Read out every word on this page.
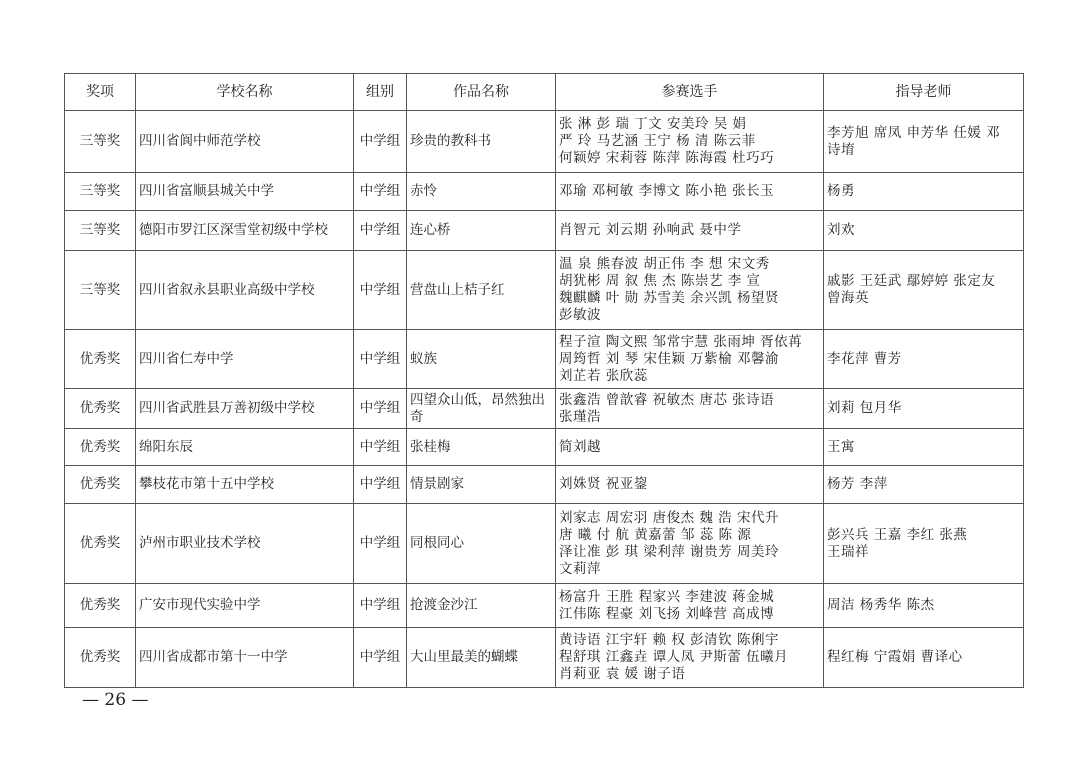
奖项	学校名称	组别	作品名称	参赛选手	指导老师
三等奖	四川省阆中师范学校	中学组	珍贵的教科书	张 淋 彭 瑞 丁文 安美玲 吴 娟
严 玲 马艺涵 王宁 杨 清 陈云菲
何颖婷 宋莉蓉 陈萍 陈海霞 杜巧巧	李芳旭 席凤 申芳华 任媛 邓
诗堉

三等奖	四川省富顺县城关中学	中学组	赤怜	邓瑜 邓柯敏 李博文 陈小艳 张长玉	杨勇

三等奖	德阳市罗江区深雪堂初级中学校	中学组	连心桥	肖智元 刘云期 孙响武 聂中学	刘欢

三等奖	四川省叙永县职业高级中学校	中学组	营盘山上桔子红	温 泉 熊春波 胡正伟 李 想 宋文秀
胡犹彬 周 叙 焦 杰 陈崇艺 李 宣
魏麒麟 叶 勋 苏雪美 余兴凯 杨望贤
彭敏波	戚影 王廷武 鄢婷婷 张定友
曾海英

优秀奖	四川省仁寿中学	中学组	蚁族	程子渲 陶文熙 邹常宇慧 张雨坤 胥依苒
周筠哲 刘 琴 宋佳颖 万紫榆 邓馨渝
刘芷若 张欣蕊	李花萍 曹芳

优秀奖	四川省武胜县万善初级中学校	中学组	四望众山低，昂然独出奇	张鑫浩 曾歆睿 祝敏杰 唐芯 张诗语
张瑾浩	刘莉 包月华

优秀奖	绵阳东辰	中学组	张桂梅	简刘越	王寓

优秀奖	攀枝花市第十五中学校	中学组	情景剧家	刘姝贤 祝亚鋆	杨芳 李萍

优秀奖	泸州市职业技术学校	中学组	同根同心	刘家志 周宏羽 唐俊杰 魏 浩 宋代升
唐 曦 付 航 黄嘉蕾 邹 蕊 陈 源
泽让准 彭 琪 梁利萍 谢贵芳 周美玲
文莉萍	彭兴兵 王嘉 李红 张燕
王瑞祥

优秀奖	广安市现代实验中学	中学组	抢渡金沙江	杨富升 王胜 程家兴 李建波 蒋金城
江伟陈 程豪 刘飞扬 刘峰营 高成博	周洁 杨秀华 陈杰

优秀奖	四川省成都市第十一中学	中学组	大山里最美的蝴蝶	黄诗语 江宇轩 赖 权 彭清钦 陈俐宇
程舒琪 江鑫垚 谭人凤 尹斯蕾 伍曦月
肖莉亚 袁 媛 谢子语	程红梅 宁霞娟 曹译心
— 26 —
